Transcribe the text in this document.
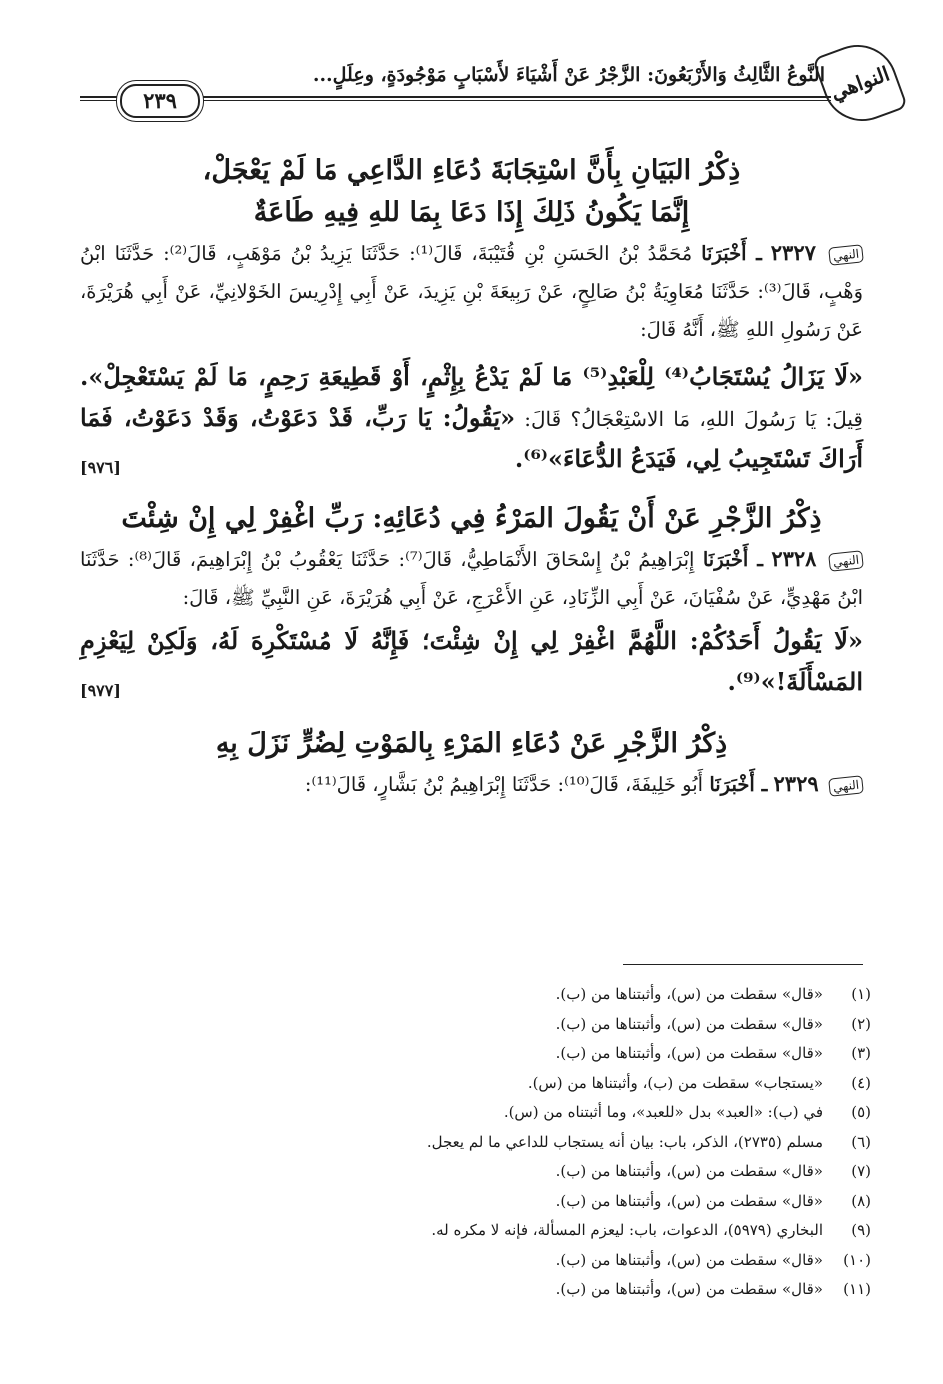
النواهي
النَّوعُ الثَّالِثُ وَالأَرْبَعُونَ: الزَّجْرُ عَنْ أَشْيَاءَ لأَسْبَابٍ مَوْجُودَةٍ، وعِلَلٍ...
٢٣٩

ذِكْرُ البَيَانِ بِأَنَّ اسْتِجَابَةَ دُعَاءِ الدَّاعِي مَا لَمْ يَعْجَلْ،

إِنَّمَا يَكُونُ ذَلِكَ إِذَا دَعَا بِمَا للهِ فِيهِ طَاعَةٌ

النهي ٢٣٢٧ ـ أَخْبَرَنَا مُحَمَّدُ بْنُ الحَسَنِ بْنِ قُتَيْبَةَ، قَالَ⁽¹⁾: حَدَّثَنَا يَزِيدُ بْنُ مَوْهَبٍ، قَالَ⁽²⁾: حَدَّثَنَا ابْنُ وَهْبٍ، قَالَ⁽³⁾: حَدَّثَنَا مُعَاوِيَةُ بْنُ صَالِحٍ، عَنْ رَبِيعَةَ بْنِ يَزِيدَ، عَنْ أَبِي إِدْرِيسَ الخَوْلانِيِّ، عَنْ أَبِي هُرَيْرَةَ، عَنْ رَسُولِ اللهِ ﷺ، أَنَّهُ قَالَ:

«لَا يَزَالُ يُسْتَجَابُ⁽⁴⁾ لِلْعَبْدِ⁽⁵⁾ مَا لَمْ يَدْعُ بِإِثْمٍ، أَوْ قَطِيعَةِ رَحِمٍ، مَا لَمْ يَسْتَعْجِلْ». قِيلَ: يَا رَسُولَ اللهِ، مَا الاسْتِعْجَالُ؟ قَالَ: «يَقُولُ: يَا رَبِّ، قَدْ دَعَوْتُ، وَقَدْ دَعَوْتُ، فَمَا أَرَاكَ تَسْتَجِيبُ لِي، فَيَدَعُ الدُّعَاءَ»⁽⁶⁾.
[٩٧٦]

ذِكْرُ الزَّجْرِ عَنْ أَنْ يَقُولَ المَرْءُ فِي دُعَائِهِ: رَبِّ اغْفِرْ لِي إِنْ شِئْتَ

النهي ٢٣٢٨ ـ أَخْبَرَنَا إِبْرَاهِيمُ بْنُ إِسْحَاقَ الأَنْمَاطِيُّ، قَالَ⁽⁷⁾: حَدَّثَنَا يَعْقُوبُ بْنُ إِبْرَاهِيمَ، قَالَ⁽⁸⁾: حَدَّثَنَا ابْنُ مَهْدِيٍّ، عَنْ سُفْيَانَ، عَنْ أَبِي الزِّنَادِ، عَنِ الأَعْرَجِ، عَنْ أَبِي هُرَيْرَةَ، عَنِ النَّبِيِّ ﷺ، قَالَ:

«لَا يَقُولُ أَحَدُكُمْ: اللَّهُمَّ اغْفِرْ لِي إِنْ شِئْتَ؛ فَإِنَّهُ لَا مُسْتَكْرِهَ لَهُ، وَلَكِنْ لِيَعْزِمِ المَسْأَلَةَ!»⁽⁹⁾.
[٩٧٧]

ذِكْرُ الزَّجْرِ عَنْ دُعَاءِ المَرْءِ بِالمَوْتِ لِضُرٍّ نَزَلَ بِهِ

النهي ٢٣٢٩ ـ أَخْبَرَنَا أَبُو خَلِيفَةَ، قَالَ⁽¹⁰⁾: حَدَّثَنَا إِبْرَاهِيمُ بْنُ بَشَّارٍ، قَالَ⁽¹¹⁾:

(١)«قال» سقطت من (س)، وأثبتناها من (ب).
(٢)«قال» سقطت من (س)، وأثبتناها من (ب).
(٣)«قال» سقطت من (س)، وأثبتناها من (ب).
(٤)«يستجاب» سقطت من (ب)، وأثبتناها من (س).
(٥)في (ب): «العبد» بدل «للعبد»، وما أثبتناه من (س).
(٦)مسلم (٢٧٣٥)، الذكر، باب: بيان أنه يستجاب للداعي ما لم يعجل.
(٧)«قال» سقطت من (س)، وأثبتناها من (ب).
(٨)«قال» سقطت من (س)، وأثبتناها من (ب).
(٩)البخاري (٥٩٧٩)، الدعوات، باب: ليعزم المسألة، فإنه لا مكره له.
(١٠)«قال» سقطت من (س)، وأثبتناها من (ب).
(١١)«قال» سقطت من (س)، وأثبتناها من (ب).
